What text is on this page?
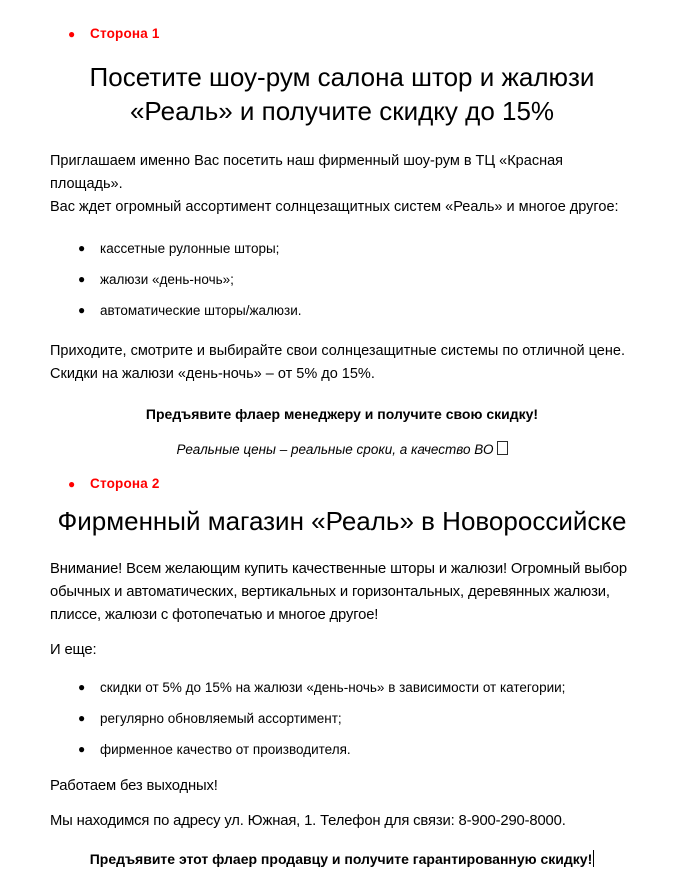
●	Сторона 1
Посетите шоу-рум салона штор и жалюзи
«Реаль» и получите скидку до 15%
Приглашаем именно Вас посетить наш фирменный шоу-рум в ТЦ «Красная площадь».
Вас ждет огромный ассортимент солнцезащитных систем «Реаль» и многое другое:
● кассетные рулонные шторы;
● жалюзи «день-ночь»;
● автоматические шторы/жалюзи.
Приходите, смотрите и выбирайте свои солнцезащитные системы по отличной цене.
Скидки на жалюзи «день-ночь» – от 5% до 15%.
Предъявите флаер менеджеру и получите свою скидку!
Реальные цены – реальные сроки, а качество ВО
●	Сторона 2
Фирменный магазин «Реаль» в Новороссийске
Внимание! Всем желающим купить качественные шторы и жалюзи! Огромный выбор
обычных и автоматических, вертикальных и горизонтальных, деревянных жалюзи,
плиссе, жалюзи с фотопечатью и многое другое!
И еще:
● скидки от 5% до 15% на жалюзи «день-ночь» в зависимости от категории;
● регулярно обновляемый ассортимент;
● фирменное качество от производителя.
Работаем без выходных!
Мы находимся по адресу ул. Южная, 1. Телефон для связи: 8-900-290-8000.
Предъявите этот флаер продавцу и получите гарантированную скидку!
